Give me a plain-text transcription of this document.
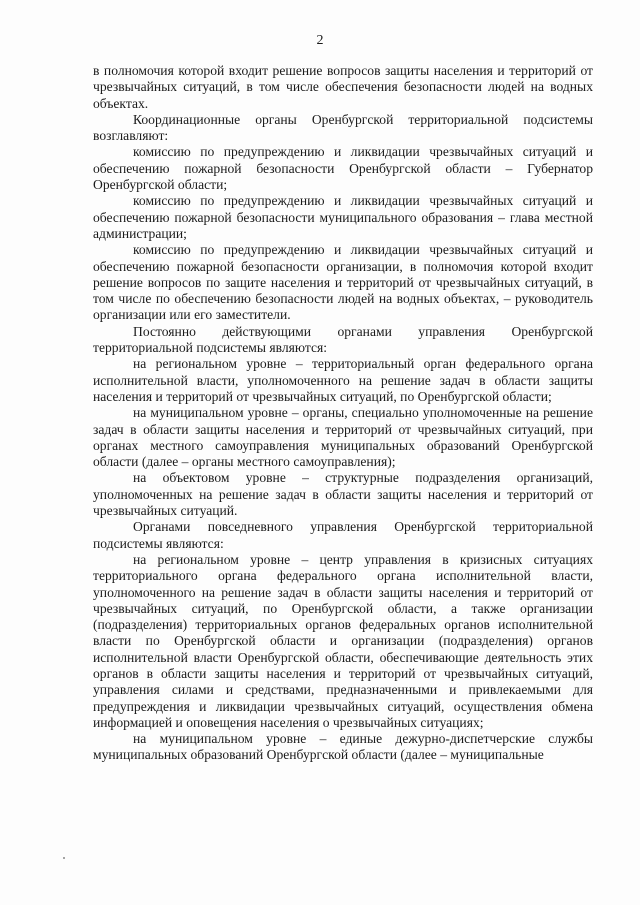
2

в полномочия которой входит решение вопросов защиты населения и территорий от чрезвычайных ситуаций, в том числе обеспечения безопасности людей на водных объектах.

Координационные органы Оренбургской территориальной подсистемы возглавляют:

комиссию по предупреждению и ликвидации чрезвычайных ситуаций и обеспечению пожарной безопасности Оренбургской области – Губернатор Оренбургской области;

комиссию по предупреждению и ликвидации чрезвычайных ситуаций и обеспечению пожарной безопасности муниципального образования – глава местной администрации;

комиссию по предупреждению и ликвидации чрезвычайных ситуаций и обеспечению пожарной безопасности организации, в полномочия которой входит решение вопросов по защите населения и территорий от чрезвычайных ситуаций, в том числе по обеспечению безопасности людей на водных объектах, – руководитель организации или его заместители.

Постоянно действующими органами управления Оренбургской территориальной подсистемы являются:

на региональном уровне – территориальный орган федерального органа исполнительной власти, уполномоченного на решение задач в области защиты населения и территорий от чрезвычайных ситуаций, по Оренбургской области;

на муниципальном уровне – органы, специально уполномоченные на решение задач в области защиты населения и территорий от чрезвычайных ситуаций, при органах местного самоуправления муниципальных образований Оренбургской области (далее – органы местного самоуправления);

на объектовом уровне – структурные подразделения организаций, уполномоченных на решение задач в области защиты населения и территорий от чрезвычайных ситуаций.

Органами повседневного управления Оренбургской территориальной подсистемы являются:

на региональном уровне – центр управления в кризисных ситуациях территориального органа федерального органа исполнительной власти, уполномоченного на решение задач в области защиты населения и территорий от чрезвычайных ситуаций, по Оренбургской области, а также организации (подразделения) территориальных органов федеральных органов исполнительной власти по Оренбургской области и организации (подразделения) органов исполнительной власти Оренбургской области, обеспечивающие деятельность этих органов в области защиты населения и территорий от чрезвычайных ситуаций, управления силами и средствами, предназначенными и привлекаемыми для предупреждения и ликвидации чрезвычайных ситуаций, осуществления обмена информацией и оповещения населения о чрезвычайных ситуациях;

на муниципальном уровне – единые дежурно-диспетчерские службы муниципальных образований Оренбургской области (далее – муниципальные
